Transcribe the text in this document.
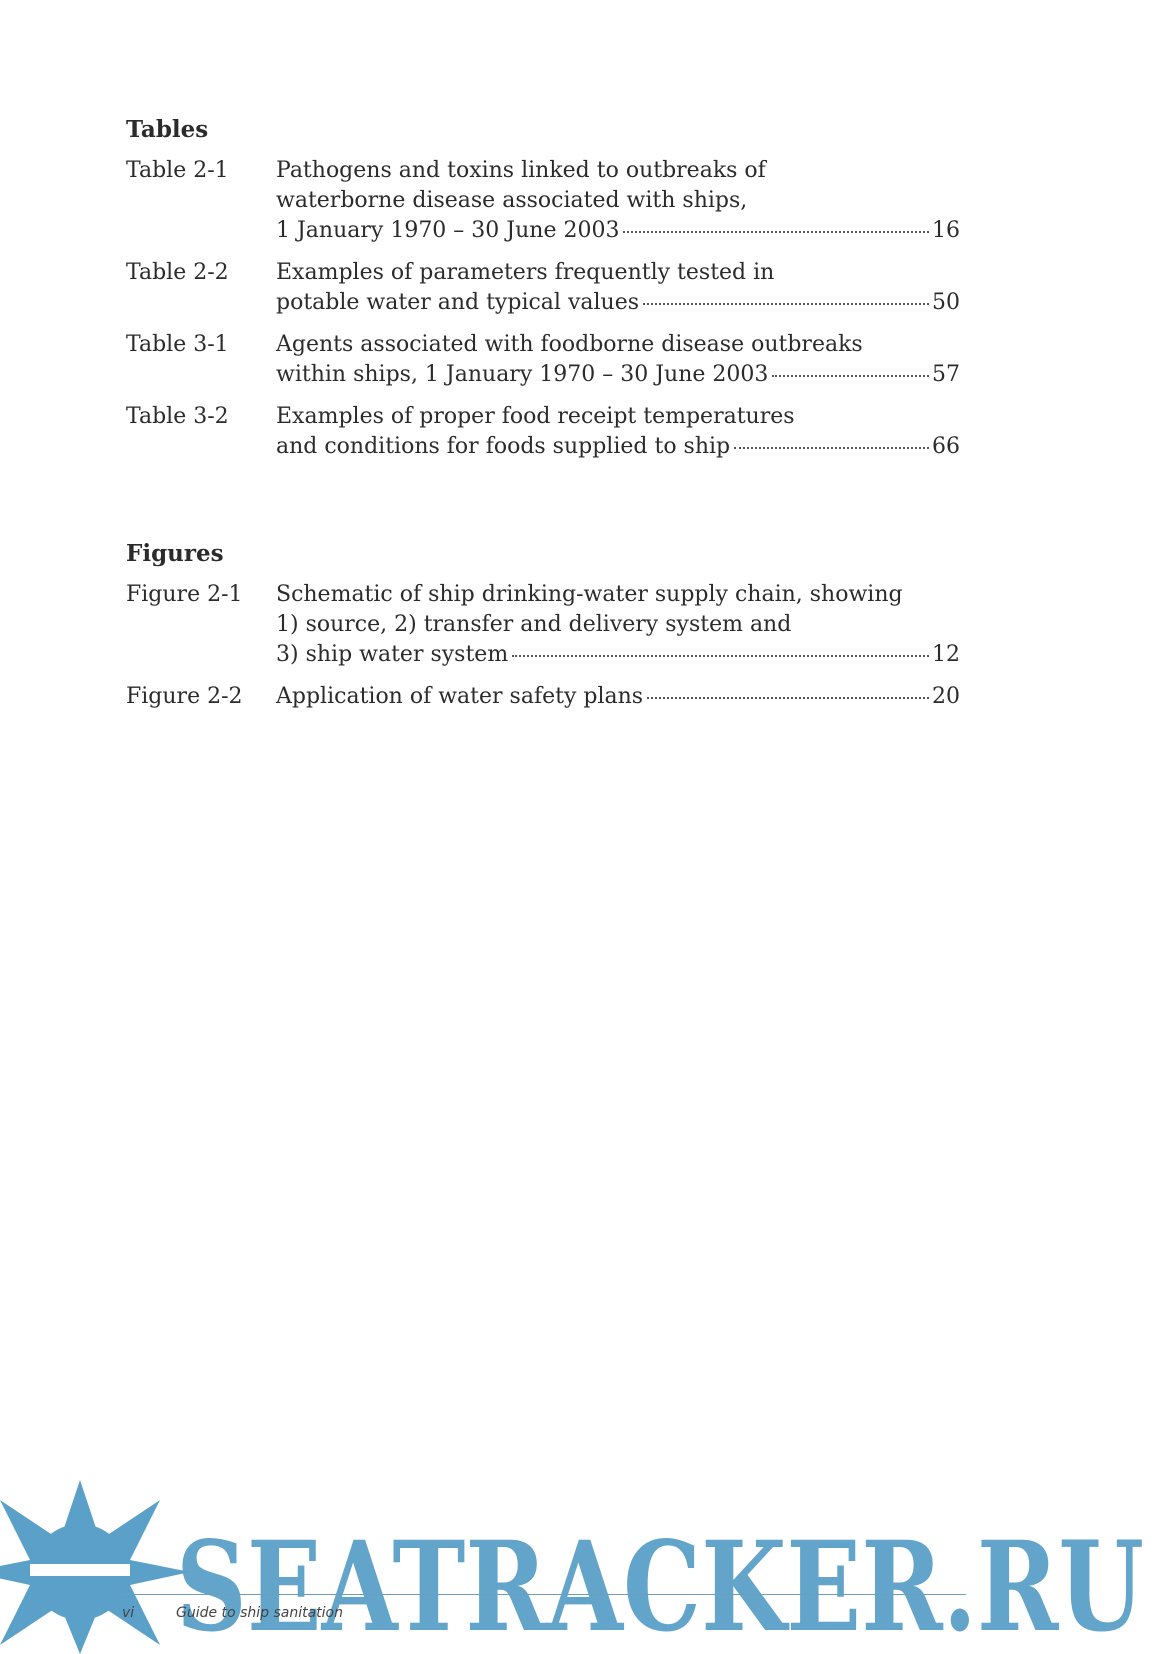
Tables
Table 2-1	Pathogens and toxins linked to outbreaks of
waterborne disease associated with ships,
1 January 1970 – 30 June 2003	16
Table 2-2	Examples of parameters frequently tested in
potable water and typical values	50
Table 3-1	Agents associated with foodborne disease outbreaks
within ships, 1 January 1970 – 30 June 2003	57
Table 3-2	Examples of proper food receipt temperatures
and conditions for foods supplied to ship	66
Figures
Figure 2-1	Schematic of ship drinking-water supply chain, showing
1) source, 2) transfer and delivery system and
3) ship water system	12
Figure 2-2	Application of water safety plans	20
SEATRACKER.RU
vi	Guide to ship sanitation
